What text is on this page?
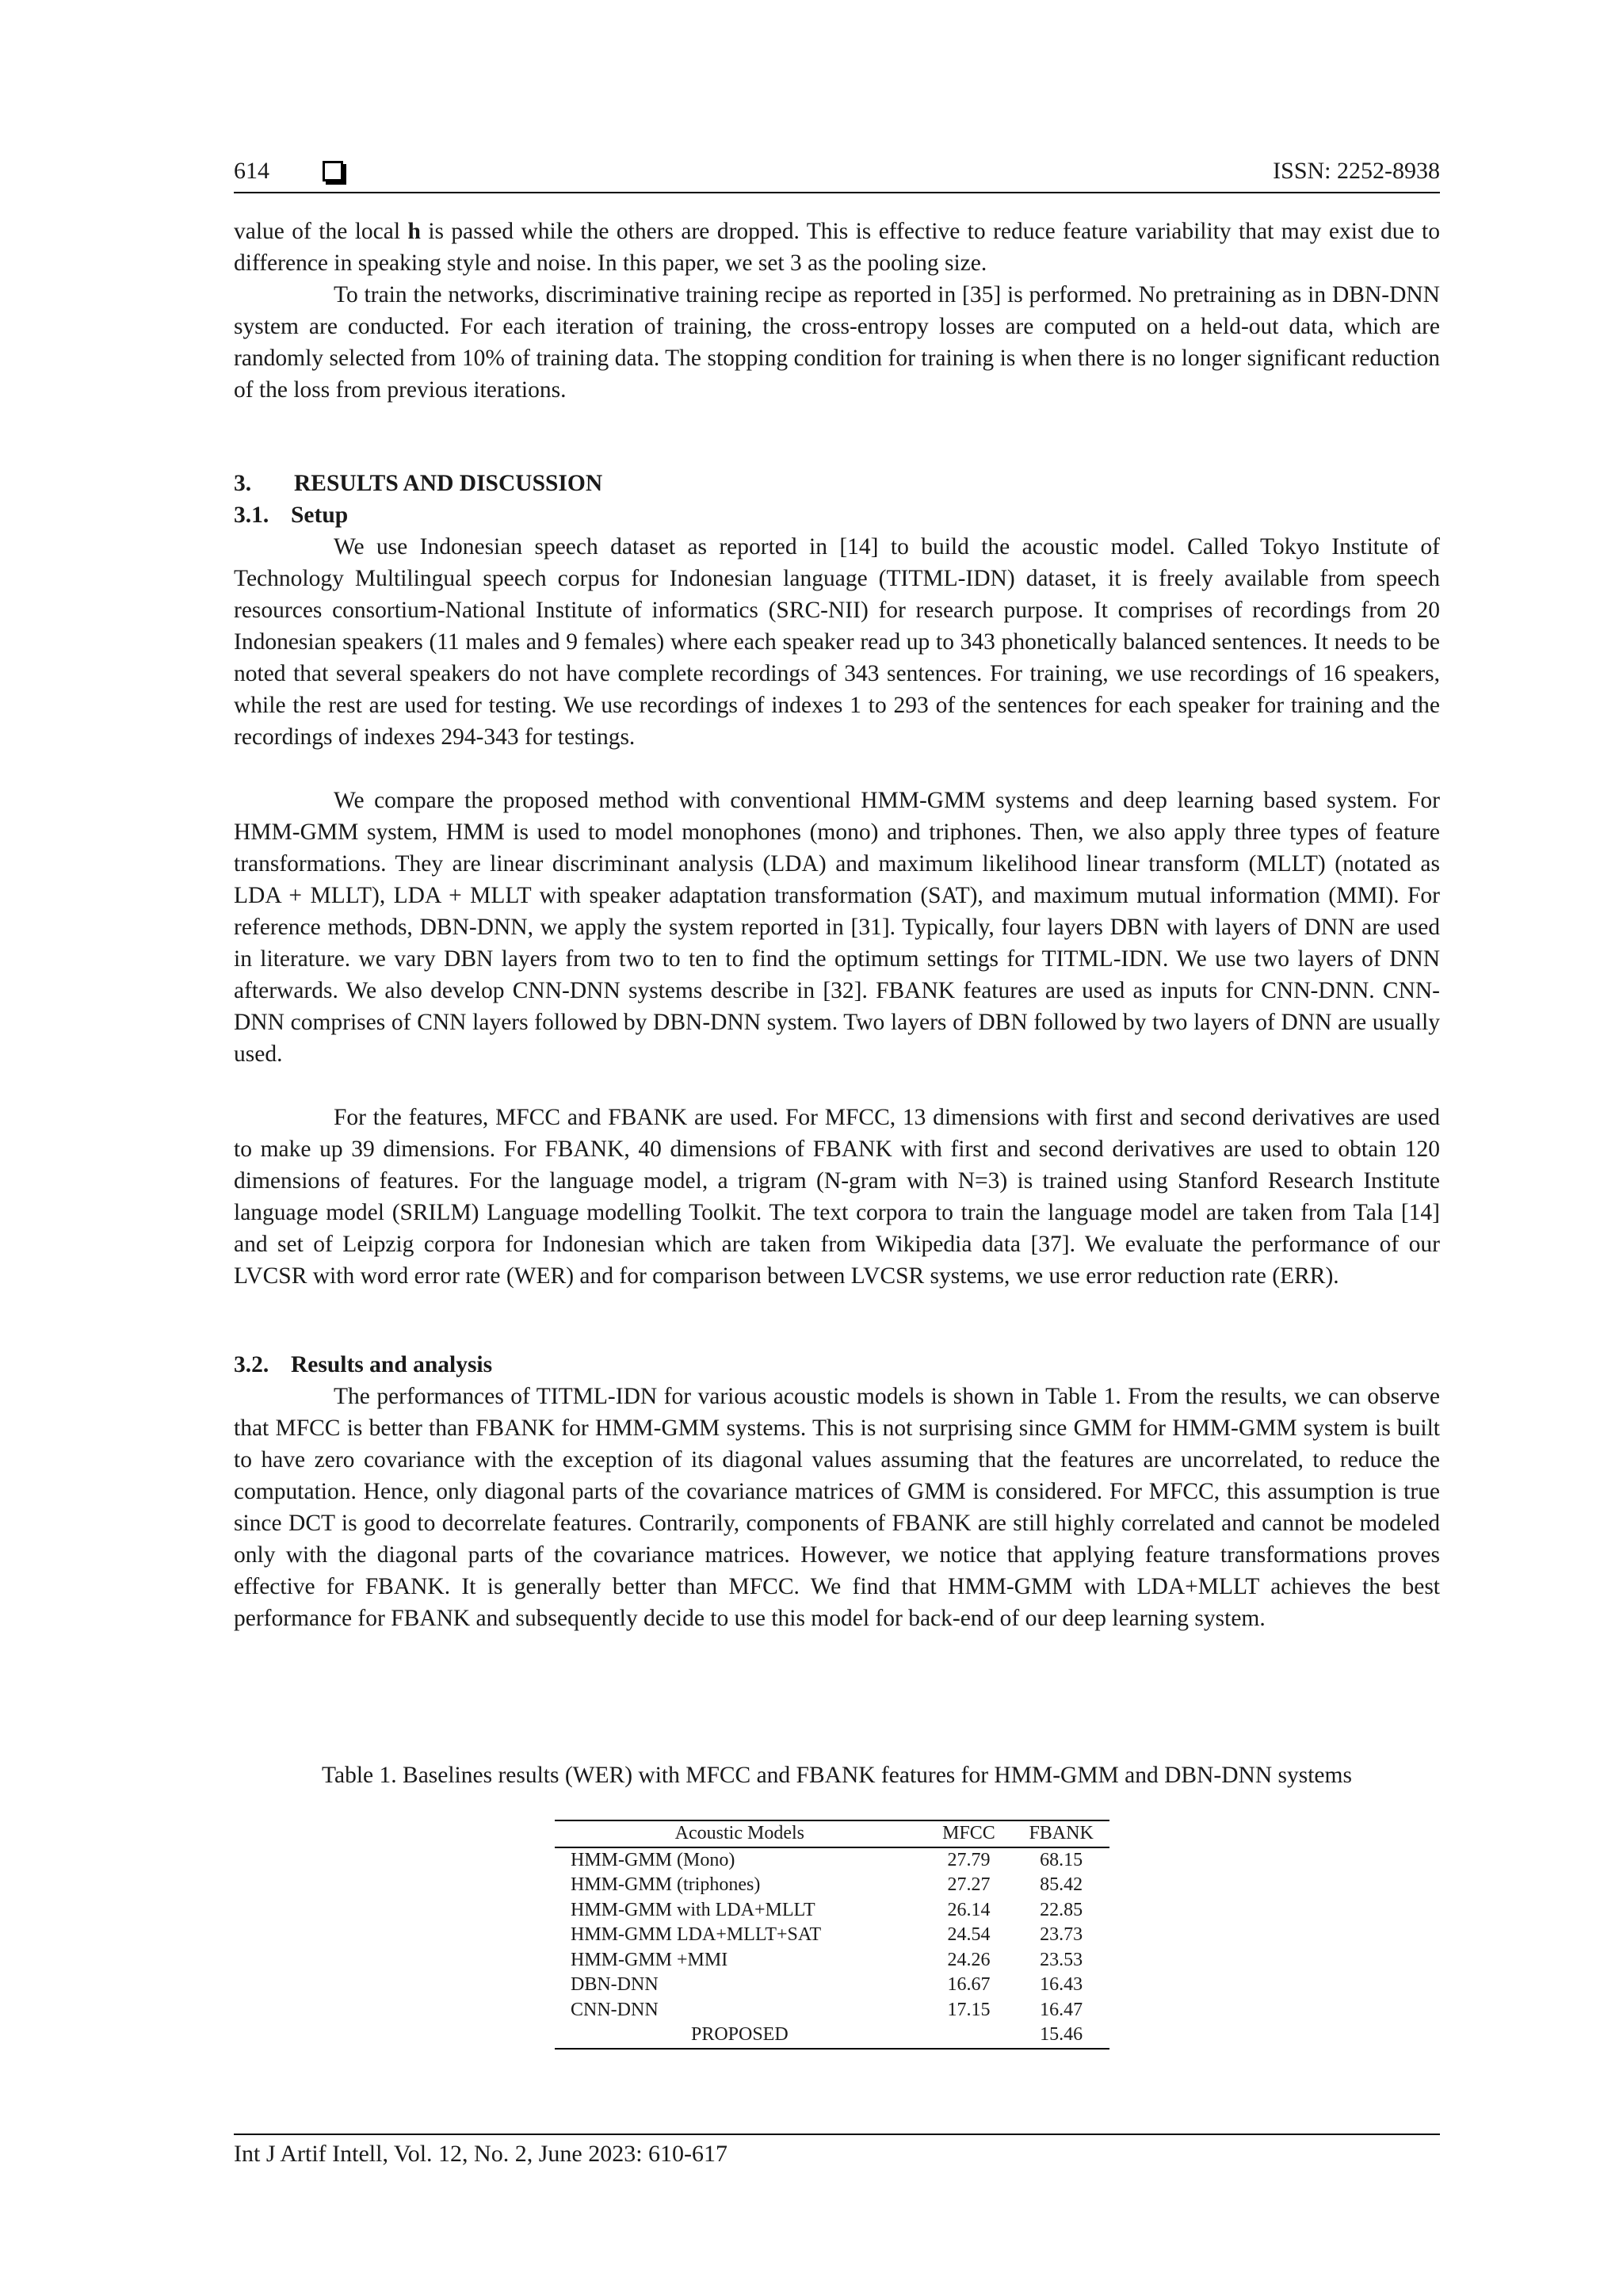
614	ISSN: 2252-8938

value of the local h is passed while the others are dropped. This is effective to reduce feature variability that may exist due to difference in speaking style and noise. In this paper, we set 3 as the pooling size.

To train the networks, discriminative training recipe as reported in [35] is performed. No pretraining as in DBN-DNN system are conducted. For each iteration of training, the cross-entropy losses are computed on a held-out data, which are randomly selected from 10% of training data. The stopping condition for training is when there is no longer significant reduction of the loss from previous iterations.

3. RESULTS AND DISCUSSION
3.1. Setup

We use Indonesian speech dataset as reported in [14] to build the acoustic model. Called Tokyo Institute of Technology Multilingual speech corpus for Indonesian language (TITML-IDN) dataset, it is freely available from speech resources consortium-National Institute of informatics (SRC-NII) for research purpose. It comprises of recordings from 20 Indonesian speakers (11 males and 9 females) where each speaker read up to 343 phonetically balanced sentences. It needs to be noted that several speakers do not have complete recordings of 343 sentences. For training, we use recordings of 16 speakers, while the rest are used for testing. We use recordings of indexes 1 to 293 of the sentences for each speaker for training and the recordings of indexes 294-343 for testings.

We compare the proposed method with conventional HMM-GMM systems and deep learning based system. For HMM-GMM system, HMM is used to model monophones (mono) and triphones. Then, we also apply three types of feature transformations. They are linear discriminant analysis (LDA) and maximum likelihood linear transform (MLLT) (notated as LDA + MLLT), LDA + MLLT with speaker adaptation transformation (SAT), and maximum mutual information (MMI). For reference methods, DBN-DNN, we apply the system reported in [31]. Typically, four layers DBN with layers of DNN are used in literature. we vary DBN layers from two to ten to find the optimum settings for TITML-IDN. We use two layers of DNN afterwards. We also develop CNN-DNN systems describe in [32]. FBANK features are used as inputs for CNN-DNN. CNN-DNN comprises of CNN layers followed by DBN-DNN system. Two layers of DBN followed by two layers of DNN are usually used.

For the features, MFCC and FBANK are used. For MFCC, 13 dimensions with first and second derivatives are used to make up 39 dimensions. For FBANK, 40 dimensions of FBANK with first and second derivatives are used to obtain 120 dimensions of features. For the language model, a trigram (N-gram with N=3) is trained using Stanford Research Institute language model (SRILM) Language modelling Toolkit. The text corpora to train the language model are taken from Tala [14] and set of Leipzig corpora for Indonesian which are taken from Wikipedia data [37]. We evaluate the performance of our LVCSR with word error rate (WER) and for comparison between LVCSR systems, we use error reduction rate (ERR).

3.2. Results and analysis

The performances of TITML-IDN for various acoustic models is shown in Table 1. From the results, we can observe that MFCC is better than FBANK for HMM-GMM systems. This is not surprising since GMM for HMM-GMM system is built to have zero covariance with the exception of its diagonal values assuming that the features are uncorrelated, to reduce the computation. Hence, only diagonal parts of the covariance matrices of GMM is considered. For MFCC, this assumption is true since DCT is good to decorrelate features. Contrarily, components of FBANK are still highly correlated and cannot be modeled only with the diagonal parts of the covariance matrices. However, we notice that applying feature transformations proves effective for FBANK. It is generally better than MFCC. We find that HMM-GMM with LDA+MLLT achieves the best performance for FBANK and subsequently decide to use this model for back-end of our deep learning system.

Table 1. Baselines results (WER) with MFCC and FBANK features for HMM-GMM and DBN-DNN systems

Acoustic Models	MFCC	FBANK
HMM-GMM (Mono)	27.79	68.15
HMM-GMM (triphones)	27.27	85.42
HMM-GMM with LDA+MLLT	26.14	22.85
HMM-GMM LDA+MLLT+SAT	24.54	23.73
HMM-GMM +MMI	24.26	23.53
DBN-DNN	16.67	16.43
CNN-DNN	17.15	16.47
PROPOSED		15.46
Int J Artif Intell, Vol. 12, No. 2, June 2023: 610-617
